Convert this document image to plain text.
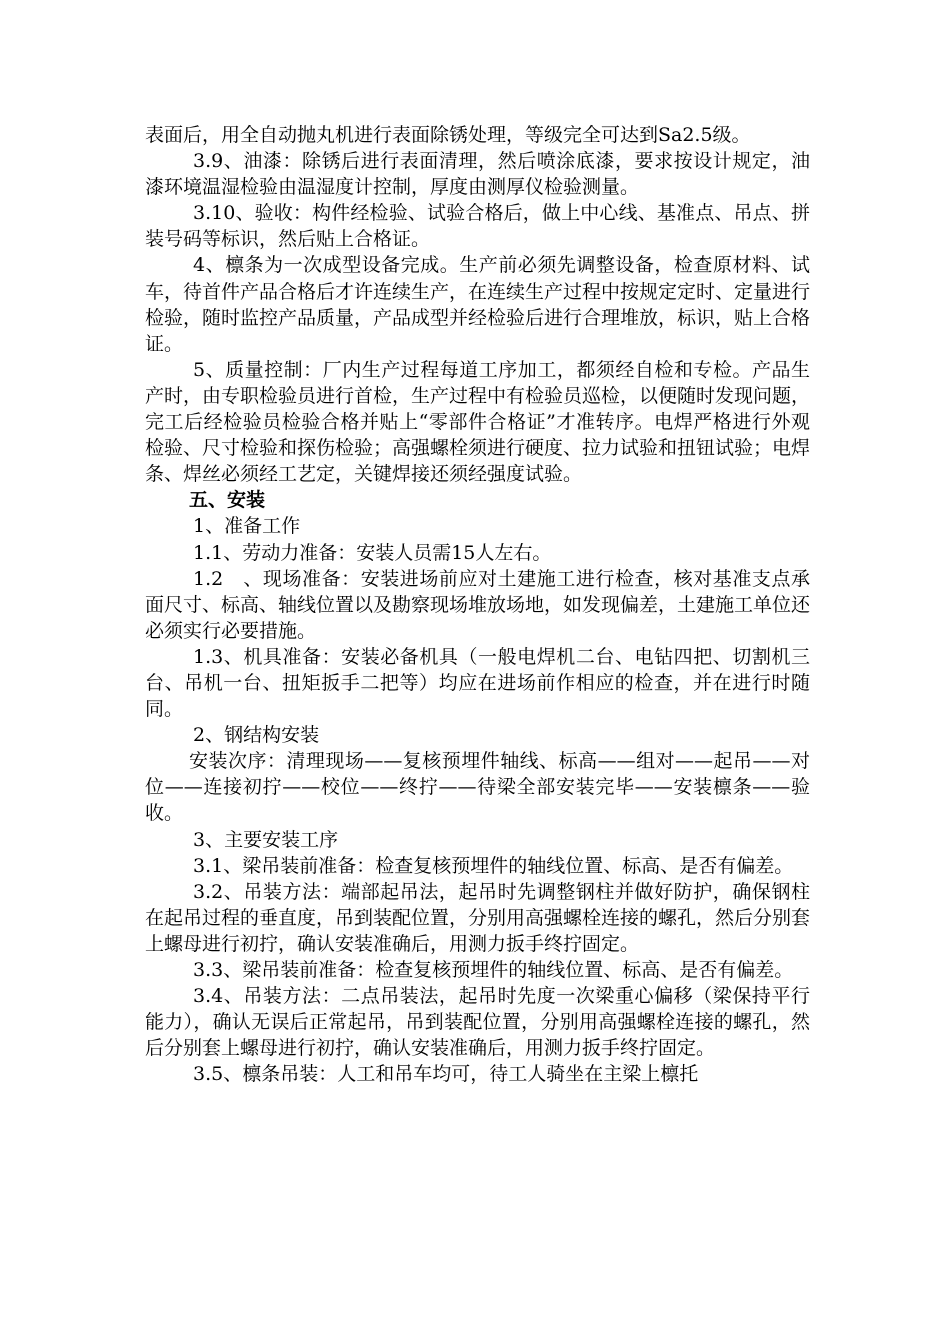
表面后，用全自动抛丸机进行表面除锈处理，等级完全可达到Sa2.5级。

3.9、油漆：除锈后进行表面清理，然后喷涂底漆，要求按设计规定，油漆环境温湿检验由温湿度计控制，厚度由测厚仪检验测量。

3.10、验收：构件经检验、试验合格后，做上中心线、基准点、吊点、拼装号码等标识，然后贴上合格证。

4、檩条为一次成型设备完成。生产前必须先调整设备，检查原材料、试车，待首件产品合格后才许连续生产，在连续生产过程中按规定定时、定量进行检验，随时监控产品质量，产品成型并经检验后进行合理堆放，标识，贴上合格证。

5、质量控制：厂内生产过程每道工序加工，都须经自检和专检。产品生产时，由专职检验员进行首检，生产过程中有检验员巡检，以便随时发现问题，完工后经检验员检验合格并贴上“零部件合格证”才准转序。电焊严格进行外观检验、尺寸检验和探伤检验；高强螺栓须进行硬度、拉力试验和扭钮试验；电焊条、焊丝必须经工艺定，关键焊接还须经强度试验。

五、安装

1、准备工作

1.1、劳动力准备：安装人员需15人左右。

1.2　、现场准备：安装进场前应对土建施工进行检查，核对基准支点承面尺寸、标高、轴线位置以及勘察现场堆放场地，如发现偏差，土建施工单位还必须实行必要措施。

1.3、机具准备：安装必备机具（一般电焊机二台、电钻四把、切割机三台、吊机一台、扭矩扳手二把等）均应在进场前作相应的检查，并在进行时随同。

2、钢结构安装

安装次序：清理现场——复核预埋件轴线、标高——组对——起吊——对位——连接初拧——校位——终拧——待梁全部安装完毕——安装檩条——验收。

3、主要安装工序

3.1、梁吊装前准备：检查复核预埋件的轴线位置、标高、是否有偏差。

3.2、吊装方法：端部起吊法，起吊时先调整钢柱并做好防护，确保钢柱在起吊过程的垂直度，吊到装配位置，分别用高强螺栓连接的螺孔，然后分别套上螺母进行初拧，确认安装准确后，用测力扳手终拧固定。

3.3、梁吊装前准备：检查复核预埋件的轴线位置、标高、是否有偏差。

3.4、吊装方法：二点吊装法，起吊时先度一次梁重心偏移（梁保持平行能力），确认无误后正常起吊，吊到装配位置，分别用高强螺栓连接的螺孔，然后分别套上螺母进行初拧，确认安装准确后，用测力扳手终拧固定。

3.5、檩条吊装：人工和吊车均可，待工人骑坐在主梁上檩托
